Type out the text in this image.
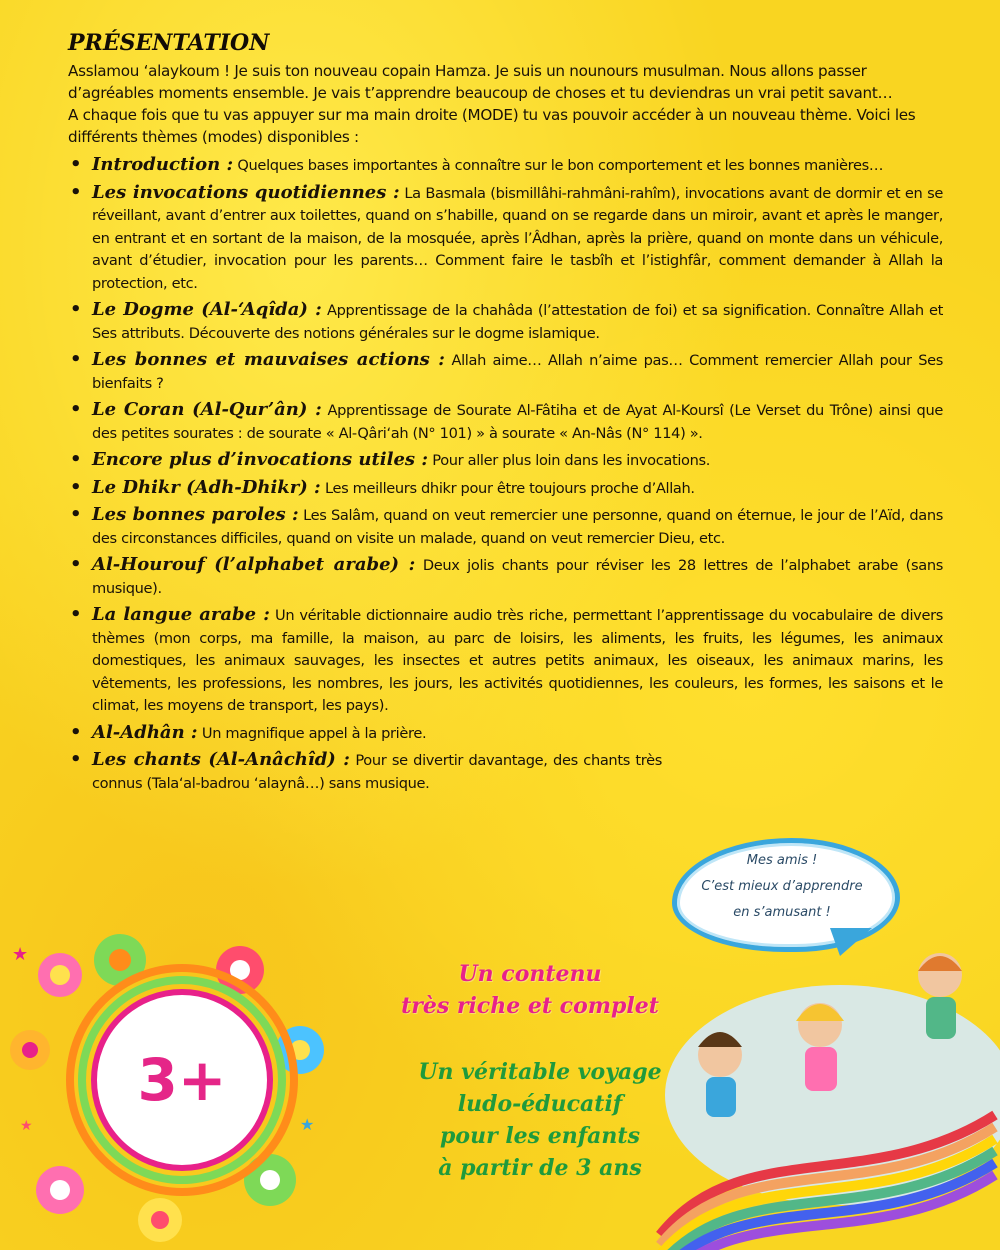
PRÉSENTATION

Asslamou ‘alaykoum ! Je suis ton nouveau copain Hamza. Je suis un nounours musulman. Nous allons passer d’agréables moments ensemble. Je vais t’apprendre beaucoup de choses et tu deviendras un vrai petit savant…

A chaque fois que tu vas appuyer sur ma main droite (MODE) tu vas pouvoir accéder à un nouveau thème. Voici les différents thèmes (modes) disponibles :

• Introduction : Quelques bases importantes à connaître sur le bon comportement et les bonnes manières…
• Les invocations quotidiennes : La Basmala (bismillâhi-rahmâni-rahîm), invocations avant de dormir et en se réveillant, avant d’entrer aux toilettes, quand on s’habille, quand on se regarde dans un miroir, avant et après le manger, en entrant et en sortant de la maison, de la mosquée, après l’Âdhan, après la prière, quand on monte dans un véhicule, avant d’étudier, invocation pour les parents… Comment faire le tasbîh et l’istighfâr, comment demander à Allah la protection, etc.
• Le Dogme (Al-‘Aqîda) : Apprentissage de la chahâda (l’attestation de foi) et sa signification. Connaître Allah et Ses attributs. Découverte des notions générales sur le dogme islamique.
• Les bonnes et mauvaises actions : Allah aime… Allah n’aime pas… Comment remercier Allah pour Ses bienfaits ?
• Le Coran (Al-Qur’ân) : Apprentissage de Sourate Al-Fâtiha et de Ayat Al-Koursî (Le Verset du Trône) ainsi que des petites sourates : de sourate « Al-Qâri‘ah (N° 101) » à sourate « An-Nâs (N° 114) ».
• Encore plus d’invocations utiles : Pour aller plus loin dans les invocations.
• Le Dhikr (Adh-Dhikr) : Les meilleurs dhikr pour être toujours proche d’Allah.
• Les bonnes paroles : Les Salâm, quand on veut remercier une personne, quand on éternue, le jour de l’Aïd, dans des circonstances difficiles, quand on visite un malade, quand on veut remercier Dieu, etc.
• Al-Hourouf (l’alphabet arabe) : Deux jolis chants pour réviser les 28 lettres de l’alphabet arabe (sans musique).
• La langue arabe : Un véritable dictionnaire audio très riche, permettant l’apprentissage du vocabulaire de divers thèmes (mon corps, ma famille, la maison, au parc de loisirs, les aliments, les fruits, les légumes, les animaux domestiques, les animaux sauvages, les insectes et autres petits animaux, les oiseaux, les animaux marins, les vêtements, les professions, les nombres, les jours, les activités quotidiennes, les couleurs, les formes, les saisons et le climat, les moyens de transport, les pays).
• Al-Adhân : Un magnifique appel à la prière.
• Les chants (Al-Anâchîd) : Pour se divertir davantage, des chants très connus (Tala‘al-badrou ‘alaynâ…) sans musique.
Mes amis !
C’est mieux d’apprendre
en s’amusant !
★
★
★
3+
Un contenu
très riche et complet
Un véritable voyage
ludo-éducatif
pour les enfants
à partir de 3 ans
